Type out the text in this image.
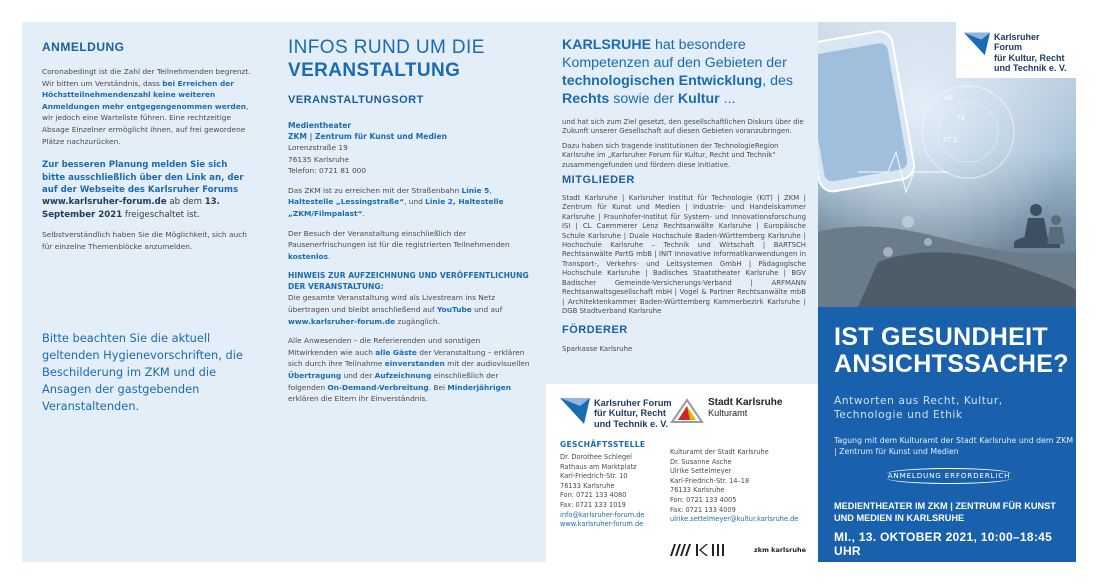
ANMELDUNG

Coronabedingt ist die Zahl der Teilnehmenden begrenzt. Wir bitten um Verständnis, dass bei Erreichen der Höchstteilnehmendenzahl keine weiteren Anmeldungen mehr entgegengenommen werden, wir jedoch eine Warteliste führen. Eine rechtzeitige Absage Einzelner ermöglicht ihnen, auf frei gewordene Plätze nachzurücken.

Zur besseren Planung melden Sie sich bitte ausschließlich über den Link an, der auf der Webseite des Karlsruher Forums www.karlsruher-forum.de ab dem 13. September 2021 freigeschaltet ist.

Selbstverständlich haben Sie die Möglichkeit, sich auch für einzelne Themenblöcke anzumelden.

Bitte beachten Sie die aktuell geltenden Hygienevorschriften, die Beschilderung im ZKM und die Ansagen der gastgebenden Veranstaltenden.
INFOS RUND UM DIE
VERANSTALTUNG
VERANSTALTUNGSORT
Medientheater
ZKM | Zentrum für Kunst und Medien
Lorenzstraße 19
76135 Karlsruhe

Telefon: 0721 81 000

Das ZKM ist zu erreichen mit der Straßenbahn Linie 5, Haltestelle „Lessingstraße“, und Linie 2, Haltestelle „ZKM/Filmpalast“.

Der Besuch der Veranstaltung einschließlich der Pausenerfrischungen ist für die registrierten Teilnehmenden kostenlos.

HINWEIS ZUR AUFZEICHNUNG UND VERÖFFENTLICHUNG DER VERANSTALTUNG:

Die gesamte Veranstaltung wird als Livestream ins Netz übertragen und bleibt anschließend auf YouTube und auf www.karlsruher-forum.de zugänglich.

Alle Anwesenden – die Referierenden und sonstigen Mitwirkenden wie auch alle Gäste der Veranstaltung – erklären sich durch ihre Teilnahme einverstanden mit der audiovisuellen Übertragung und der Aufzeichnung einschließlich der folgenden On-Demand-Verbreitung. Bei Minderjährigen erklären die Eltern ihr Einverständnis.

KARLSRUHE hat besondere Kompetenzen auf den Gebieten der technologischen Entwicklung, des Rechts sowie der Kultur ...

und hat sich zum Ziel gesetzt, den gesellschaftlichen Diskurs über die Zukunft unserer Gesellschaft auf diesen Gebieten voranzubringen.

Dazu haben sich tragende Institutionen der TechnologieRegion Karlsruhe im „Karlsruher Forum für Kultur, Recht und Technik“ zusammengefunden und fördern diese Initiative.

MITGLIEDER

Stadt Karlsruhe | Karlsruher Institut für Technologie (KIT) | ZKM | Zentrum für Kunst und Medien | Industrie- und Handelskammer Karlsruhe | Fraunhofer-Institut für System- und Innovationsforschung ISI | CL Caemmerer Lenz Rechtsanwälte Karlsruhe | Europäische Schule Karlsruhe | Duale Hochschule Baden-Württemberg Karlsruhe | Hochschule Karlsruhe – Technik und Wirtschaft | BARTSCH Rechtsanwälte PartG mbB | INIT Innovative Informatikanwendungen in Transport-, Verkehrs- und Leitsystemen GmbH | Pädagogische Hochschule Karlsruhe | Badisches Staatstheater Karlsruhe | BGV Badischer Gemeinde-Versicherungs-Verband | ARFMANN Rechtsanwaltsgesellschaft mbH | Vogel & Partner Rechtsanwälte mbB | Architektenkammer Baden-Württemberg Kammerbezirk Karlsruhe | DGB Stadtverband Karlsruhe

FÖRDERER

Sparkasse Karlsruhe

Karlsruher Forum
für Kultur, Recht
und Technik e. V.
Stadt Karlsruhe
Kulturamt
GESCHÄFTSSTELLE
Dr. Dorothee Schlegel
Rathaus am Marktplatz
Karl-Friedrich-Str. 10
76133 Karlsruhe
Fon: 0721 133 4080
Fax: 0721 133 1019
info@karlsruher-forum.de
www.karlsruher-forum.de
Kulturamt der Stadt Karlsruhe
Dr. Susanne Asche
Ulrike Settelmeyer
Karl-Friedrich-Str. 14–18
76133 Karlsruhe
Fon: 0721 133 4005
Fax: 0721 133 4009
ulrike.settelmeyer@kultur.karlsruhe.de
zkm karlsruhe
46
73
37.2
Karlsruher Forum
für Kultur, Recht
und Technik e. V.
IST GESUNDHEIT
ANSICHTSSACHE?
Antworten aus Recht, Kultur, Technologie und Ethik
Tagung mit dem Kulturamt der Stadt Karlsruhe und dem ZKM | Zentrum für Kunst und Medien
ANMELDUNG ERFORDERLICH
MEDIENTHEATER IM ZKM | ZENTRUM FÜR KUNST UND MEDIEN IN KARLSRUHE
MI., 13. OKTOBER 2021, 10:00–18:45 UHR
